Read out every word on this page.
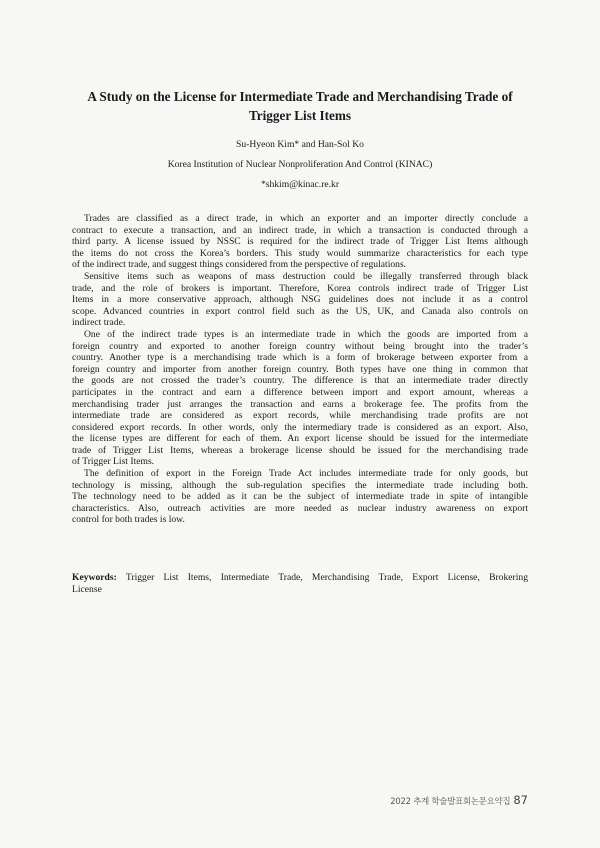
A Study on the License for Intermediate Trade and Merchandising Trade of
Trigger List Items
Su-Hyeon Kim* and Han-Sol Ko
Korea Institution of Nuclear Nonproliferation And Control (KINAC)
*shkim@kinac.re.kr
Trades are classified as a direct trade, in which an exporter and an importer directly conclude a
contract to execute a transaction, and an indirect trade, in which a transaction is conducted through a
third party. A license issued by NSSC is required for the indirect trade of Trigger List Items although
the items do not cross the Korea’s borders. This study would summarize characteristics for each type
of the indirect trade, and suggest things considered from the perspective of regulations.
Sensitive items such as weapons of mass destruction could be illegally transferred through black
trade, and the role of brokers is important. Therefore, Korea controls indirect trade of Trigger List
Items in a more conservative approach, although NSG guidelines does not include it as a control
scope. Advanced countries in export control field such as the US, UK, and Canada also controls on
indirect trade.
One of the indirect trade types is an intermediate trade in which the goods are imported from a
foreign country and exported to another foreign country without being brought into the trader’s
country. Another type is a merchandising trade which is a form of brokerage between exporter from a
foreign country and importer from another foreign country. Both types have one thing in common that
the goods are not crossed the trader’s country. The difference is that an intermediate trader directly
participates in the contract and earn a difference between import and export amount, whereas a
merchandising trader just arranges the transaction and earns a brokerage fee. The profits from the
intermediate trade are considered as export records, while merchandising trade profits are not
considered export records. In other words, only the intermediary trade is considered as an export. Also,
the license types are different for each of them. An export license should be issued for the intermediate
trade of Trigger List Items, whereas a brokerage license should be issued for the merchandising trade
of Trigger List Items.
The definition of export in the Foreign Trade Act includes intermediate trade for only goods, but
technology is missing, although the sub-regulation specifies the intermediate trade including both.
The technology need to be added as it can be the subject of intermediate trade in spite of intangible
characteristics. Also, outreach activities are more needed as nuclear industry awareness on export
control for both trades is low.
Keywords: Trigger List Items, Intermediate Trade, Merchandising Trade, Export License, Brokering
License
2022 추계 학술발표회논문요약집 87
